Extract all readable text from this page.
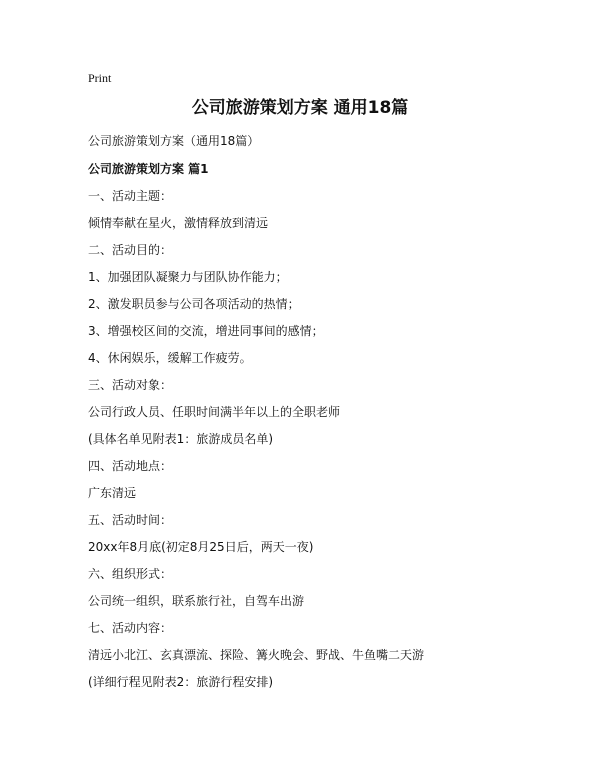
Print
公司旅游策划方案 通用18篇
公司旅游策划方案（通用18篇）
公司旅游策划方案 篇1
一、活动主题：
倾情奉献在星火，激情释放到清远
二、活动目的：
1、加强团队凝聚力与团队协作能力；
2、激发职员参与公司各项活动的热情；
3、增强校区间的交流，增进同事间的感情；
4、休闲娱乐，缓解工作疲劳。
三、活动对象：
公司行政人员、任职时间满半年以上的全职老师
(具体名单见附表1：旅游成员名单)
四、活动地点：
广东清远
五、活动时间：
20xx年8月底(初定8月25日后，两天一夜)
六、组织形式：
公司统一组织，联系旅行社，自驾车出游
七、活动内容：
清远小北江、玄真漂流、探险、篝火晚会、野战、牛鱼嘴二天游
(详细行程见附表2：旅游行程安排)
